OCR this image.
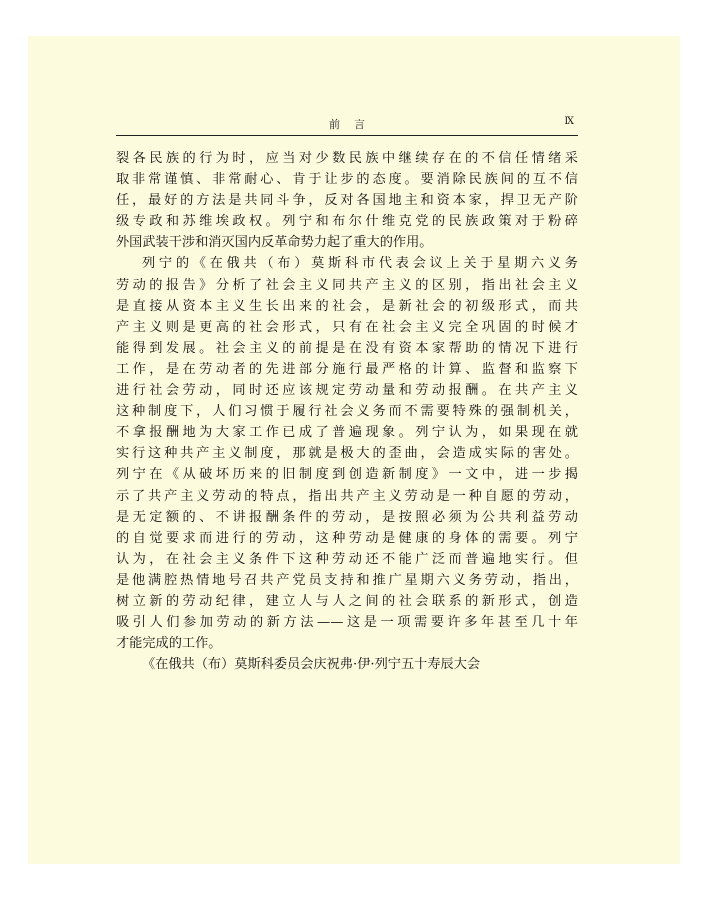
前言	Ⅸ
裂各民族的行为时，应当对少数民族中继续存在的不信任情绪采
取非常谨慎、非常耐心、肯于让步的态度。要消除民族间的互不信
任，最好的方法是共同斗争，反对各国地主和资本家，捍卫无产阶
级专政和苏维埃政权。列宁和布尔什维克党的民族政策对于粉碎
外国武装干涉和消灭国内反革命势力起了重大的作用。
列宁的《在俄共（布）莫斯科市代表会议上关于星期六义务
劳动的报告》分析了社会主义同共产主义的区别，指出社会主义
是直接从资本主义生长出来的社会，是新社会的初级形式，而共
产主义则是更高的社会形式，只有在社会主义完全巩固的时候才
能得到发展。社会主义的前提是在没有资本家帮助的情况下进行
工作，是在劳动者的先进部分施行最严格的计算、监督和监察下
进行社会劳动，同时还应该规定劳动量和劳动报酬。在共产主义
这种制度下，人们习惯于履行社会义务而不需要特殊的强制机关，
不拿报酬地为大家工作已成了普遍现象。列宁认为，如果现在就
实行这种共产主义制度，那就是极大的歪曲，会造成实际的害处。
列宁在《从破坏历来的旧制度到创造新制度》一文中，进一步揭
示了共产主义劳动的特点，指出共产主义劳动是一种自愿的劳动，
是无定额的、不讲报酬条件的劳动，是按照必须为公共利益劳动
的自觉要求而进行的劳动，这种劳动是健康的身体的需要。列宁
认为，在社会主义条件下这种劳动还不能广泛而普遍地实行。但
是他满腔热情地号召共产党员支持和推广星期六义务劳动，指出，
树立新的劳动纪律，建立人与人之间的社会联系的新形式，创造
吸引人们参加劳动的新方法——这是一项需要许多年甚至几十年
才能完成的工作。
《在俄共（布）莫斯科委员会庆祝弗·伊·列宁五十寿辰大会
